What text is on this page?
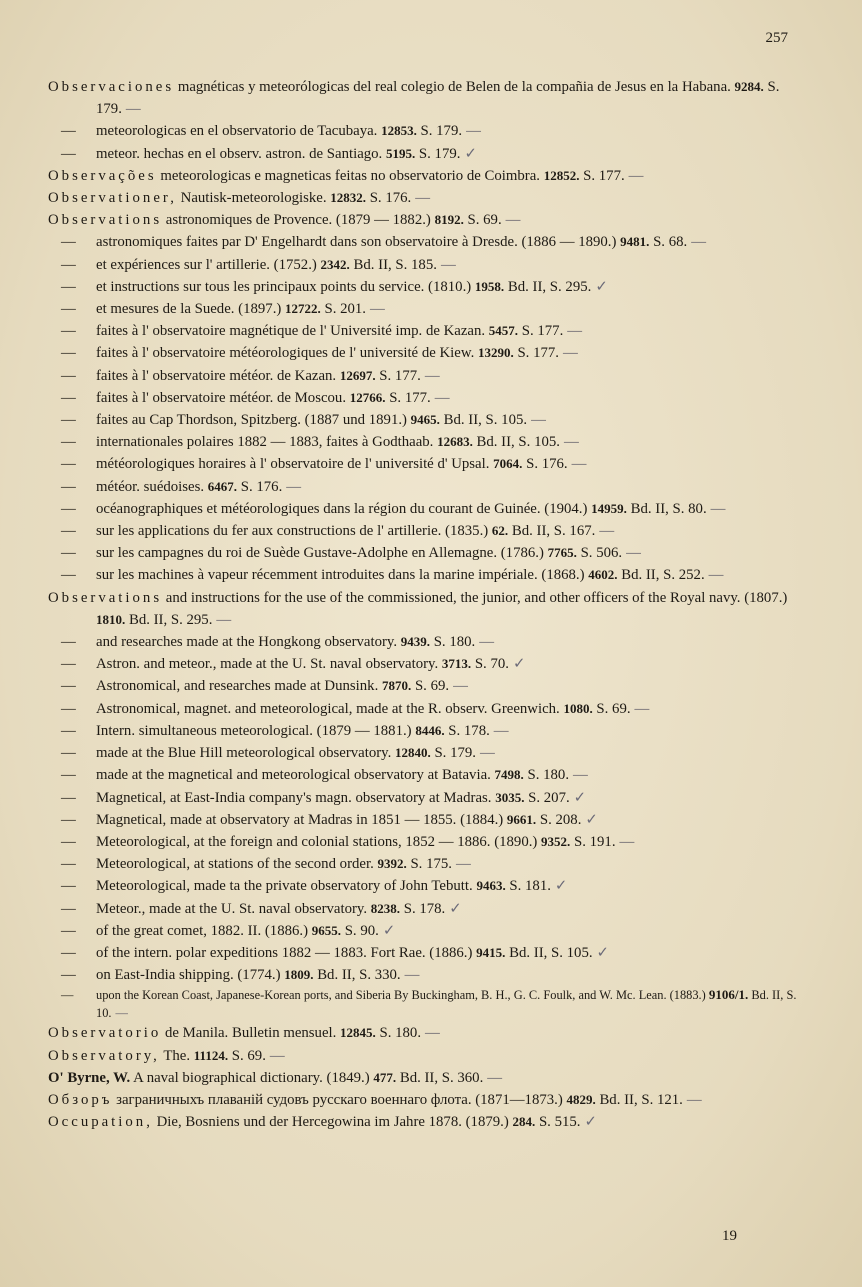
257
Observaciones magnéticas y meteorólogicas del real colegio de Belen de la compañia de Jesus en la Habana. 9284. S. 179. —
— meteorologicas en el observatorio de Tacubaya. 12853. S. 179. —
— meteor. hechas en el observ. astron. de Santiago. 5195. S. 179. ✓
Observações meteorologicas e magneticas feitas no observatorio de Coimbra. 12852. S. 177. —
Observationer, Nautisk-meteorologiske. 12832. S. 176. —
Observations astronomiques de Provence. (1879 — 1882.) 8192. S. 69. —
— astronomiques faites par D' Engelhardt dans son observatoire à Dresde. (1886 — 1890.) 9481. S. 68. —
— et expériences sur l' artillerie. (1752.) 2342. Bd. II, S. 185. —
— et instructions sur tous les principaux points du service. (1810.) 1958. Bd. II, S. 295. ✓
— et mesures de la Suede. (1897.) 12722. S. 201. —
— faites à l' observatoire magnétique de l' Université imp. de Kazan. 5457. S. 177. —
— faites à l' observatoire météorologiques de l' université de Kiew. 13290. S. 177. —
— faites à l' observatoire météor. de Kazan. 12697. S. 177. —
— faites à l' observatoire météor. de Moscou. 12766. S. 177. —
— faites au Cap Thordson, Spitzberg. (1887 und 1891.) 9465. Bd. II, S. 105. —
— internationales polaires 1882 — 1883, faites à Godthaab. 12683. Bd. II, S. 105. —
— météorologiques horaires à l' observatoire de l' université d' Upsal. 7064. S. 176. —
— météor. suédoises. 6467. S. 176. —
— océanographiques et météorologiques dans la région du courant de Guinée. (1904.) 14959. Bd. II, S. 80. —
— sur les applications du fer aux constructions de l' artillerie. (1835.) 62. Bd. II, S. 167. —
— sur les campagnes du roi de Suède Gustave-Adolphe en Allemagne. (1786.) 7765. S. 506. —
— sur les machines à vapeur récemment introduites dans la marine impériale. (1868.) 4602. Bd. II, S. 252. —
Observations and instructions for the use of the commissioned, the junior, and other officers of the Royal navy. (1807.) 1810. Bd. II, S. 295. —
— and researches made at the Hongkong observatory. 9439. S. 180. —
— Astron. and meteor., made at the U. St. naval observatory. 3713. S. 70. ✓
— Astronomical, and researches made at Dunsink. 7870. S. 69. —
— Astronomical, magnet. and meteorological, made at the R. observ. Greenwich. 1080. S. 69. —
— Intern. simultaneous meteorological. (1879 — 1881.) 8446. S. 178. —
— made at the Blue Hill meteorological observatory. 12840. S. 179. —
— made at the magnetical and meteorological observatory at Batavia. 7498. S. 180. —
— Magnetical, at East-India company's magn. observatory at Madras. 3035. S. 207. ✓
— Magnetical, made at observatory at Madras in 1851 — 1855. (1884.) 9661. S. 208. ✓
— Meteorological, at the foreign and colonial stations, 1852 — 1886. (1890.) 9352. S. 191. —
— Meteorological, at stations of the second order. 9392. S. 175. —
— Meteorological, made ta the private observatory of John Tebutt. 9463. S. 181. ✓
— Meteor., made at the U. St. naval observatory. 8238. S. 178. ✓
— of the great comet, 1882. II. (1886.) 9655. S. 90. ✓
— of the intern. polar expeditions 1882 — 1883. Fort Rae. (1886.) 9415. Bd. II, S. 105. ✓
— on East-India shipping. (1774.) 1809. Bd. II, S. 330. —
— upon the Korean Coast, Japanese-Korean ports, and Siberia By Buckingham, B. H., G. C. Foulk, and W. Mc. Lean. (1883.) 9106/1. Bd. II, S. 10. —
Observatorio de Manila. Bulletin mensuel. 12845. S. 180. —
Observatory, The. 11124. S. 69. —
O' Byrne, W. A naval biographical dictionary. (1849.) 477. Bd. II, S. 360. —
Обзоръ заграничныхъ плаваній судовъ русскаго военнаго флота. (1871—1873.) 4829. Bd. II, S. 121. —
Occupation, Die, Bosniens und der Hercegowina im Jahre 1878. (1879.) 284. S. 515. ✓
19
